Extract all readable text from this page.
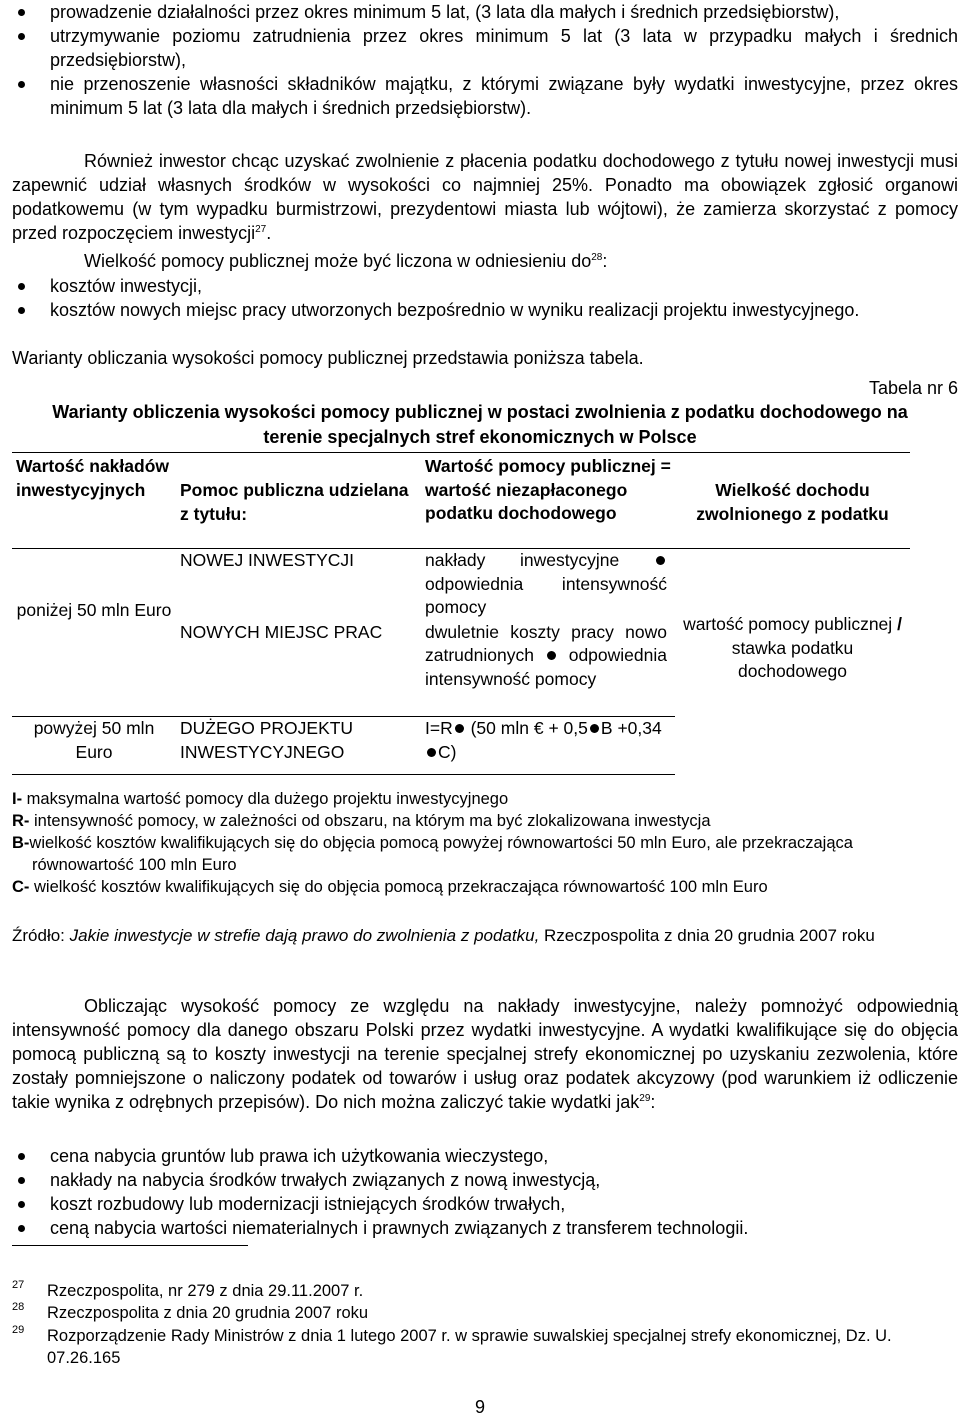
prowadzenie działalności przez okres minimum 5 lat, (3 lata dla małych i średnich przedsiębiorstw),
utrzymywanie poziomu zatrudnienia przez okres minimum 5 lat (3 lata w przypadku małych i średnich przedsiębiorstw),
nie przenoszenie własności składników majątku, z którymi związane były wydatki inwestycyjne, przez okres minimum 5 lat (3 lata dla małych i średnich przedsiębiorstw).

Również inwestor chcąc uzyskać zwolnienie z płacenia podatku dochodowego z tytułu nowej inwestycji musi zapewnić udział własnych środków w wysokości co najmniej 25%. Ponadto ma obowiązek zgłosić organowi podatkowemu (w tym wypadku burmistrzowi, prezydentowi miasta lub wójtowi), że zamierza skorzystać z pomocy przed rozpoczęciem inwestycji$^{27}$.

Wielkość pomocy publicznej może być liczona w odniesieniu $do^{28}$:

kosztów inwestycji,
kosztów nowych miejsc pracy utworzonych bezpośrednio w wyniku realizacji projektu inwestycyjnego.

Warianty obliczania wysokości pomocy publicznej przedstawia poniższa tabela.

Tabela nr 6

Warianty obliczenia wysokości pomocy publicznej w postaci zwolnienia z podatku dochodowego na terenie specjalnych stref ekonomicznych w Polsce

Wartość nakładów inwestycyjnych	Pomoc publiczna udzielana z tytułu:	Wartość pomocy publicznej = wartość niezapłaconego podatku dochodowego	Wielkość dochodu zwolnionego z podatku
poniżej 50 mln Euro	NOWEJ INWESTYCJI	nakłady inwestycyjne  odpowiednia intensywność pomocy	wartość pomocy publicznej / stawka podatku dochodowego
	NOWYCH MIEJSC PRAC	dwuletnie koszty pracy nowo zatrudnionych odpowiednia intensywność pomocy	
powyżej 50 mln Euro	DUŻEGO PROJEKTU INWESTYCYJNEGO	I=R (50 mln € + 0,5 B +0,34C)	
I- maksymalna wartość pomocy dla dużego projektu inwestycyjnego
R- intensywność pomocy, w zależności od obszaru, na którym ma być zlokalizowana inwestycja
B-wielkość kosztów kwalifikujących się do objęcia pomocą powyżej równowartości 50 mln Euro, ale przekraczająca równowartość 100 mln Euro
C- wielkość kosztów kwalifikujących się do objęcia pomocą przekraczająca równowartość 100 mln Euro

Źródło: Jakie inwestycje w strefie dają prawo do zwolnienia z podatku, Rzeczpospolita z dnia 20 grudnia 2007 roku

Obliczając wysokość pomocy ze względu na nakłady inwestycyjne, należy pomnożyć odpowiednią intensywność pomocy dla danego obszaru Polski przez wydatki inwestycyjne. A wydatki kwalifikujące się do objęcia pomocą publiczną są to koszty inwestycji na terenie specjalnej strefy ekonomicznej po uzyskaniu zezwolenia, które zostały pomniejszone o naliczony podatek od towarów i usług oraz podatek akcyzowy (pod warunkiem iż odliczenie takie wynika z odrębnych przepisów). Do nich można zaliczyć takie wydatki jak$^{29}$:

cena nabycia gruntów lub prawa ich użytkowania wieczystego,
nakłady na nabycia środków trwałych związanych z nową inwestycją,
koszt rozbudowy lub modernizacji istniejących środków trwałych,
ceną nabycia wartości niematerialnych i prawnych związanych z transferem technologii.
27 Rzeczpospolita, nr 279 z dnia 29.11.2007 r.
28 Rzeczpospolita z dnia 20 grudnia 2007 roku
29 Rozporządzenie Rady Ministrów z dnia 1 lutego 2007 r. w sprawie suwalskiej specjalnej strefy ekonomicznej, Dz. U. 07.26.165
9
